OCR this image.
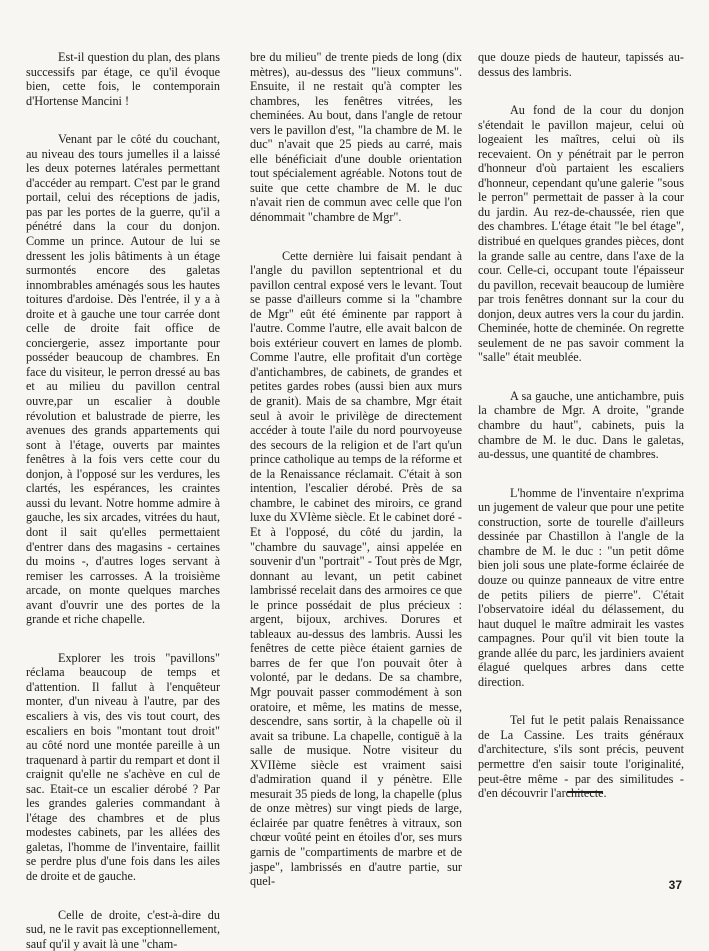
Est-il question du plan, des plans successifs par étage, ce qu'il évoque bien, cette fois, le contemporain d'Hortense Mancini !

Venant par le côté du couchant, au niveau des tours jumelles il a laissé les deux poternes latérales permettant d'accéder au rempart. C'est par le grand portail, celui des réceptions de jadis, pas par les portes de la guerre, qu'il a pénétré dans la cour du donjon. Comme un prince. Autour de lui se dressent les jolis bâtiments à un étage surmontés encore des galetas innombrables aménagés sous les hautes toitures d'ardoise. Dès l'entrée, il y a à droite et à gauche une tour carrée dont celle de droite fait office de conciergerie, assez importante pour posséder beaucoup de chambres. En face du visiteur, le perron dressé au bas et au milieu du pavillon central ouvre,par un escalier à double révolution et balustrade de pierre, les avenues des grands appartements qui sont à l'étage, ouverts par maintes fenêtres à la fois vers cette cour du donjon, à l'opposé sur les verdures, les clartés, les espérances, les craintes aussi du levant. Notre homme admire à gauche, les six arcades, vitrées du haut, dont il sait qu'elles permettaient d'entrer dans des magasins - certaines du moins -, d'autres loges servant à remiser les carrosses. A la troisième arcade, on monte quelques marches avant d'ouvrir une des portes de la grande et riche chapelle.

Explorer les trois "pavillons" réclama beaucoup de temps et d'attention. Il fallut à l'enquêteur monter, d'un niveau à l'autre, par des escaliers à vis, des vis tout court, des escaliers en bois "montant tout droit" au côté nord une montée pareille à un traquenard à partir du rempart et dont il craignit qu'elle ne s'achève en cul de sac. Etait-ce un escalier dérobé ? Par les grandes galeries commandant à l'étage des chambres et de plus modestes cabinets, par les allées des galetas, l'homme de l'inventaire, faillit se perdre plus d'une fois dans les ailes de droite et de gauche.

Celle de droite, c'est-à-dire du sud, ne le ravit pas exceptionnellement, sauf qu'il y avait là une "cham-

bre du milieu" de trente pieds de long (dix mètres), au-dessus des "lieux communs". Ensuite, il ne restait qu'à compter les chambres, les fenêtres vitrées, les cheminées. Au bout, dans l'angle de retour vers le pavillon d'est, "la chambre de M. le duc" n'avait que 25 pieds au carré, mais elle bénéficiait d'une double orientation tout spécialement agréable. Notons tout de suite que cette chambre de M. le duc n'avait rien de commun avec celle que l'on dénommait "chambre de Mgr".

Cette dernière lui faisait pendant à l'angle du pavillon septentrional et du pavillon central exposé vers le levant. Tout se passe d'ailleurs comme si la "chambre de Mgr" eût été éminente par rapport à l'autre. Comme l'autre, elle avait balcon de bois extérieur couvert en lames de plomb. Comme l'autre, elle profitait d'un cortège d'antichambres, de cabinets, de grandes et petites gardes robes (aussi bien aux murs de granit). Mais de sa chambre, Mgr était seul à avoir le privilège de directement accéder à toute l'aile du nord pourvoyeuse des secours de la religion et de l'art qu'un prince catholique au temps de la réforme et de la Renaissance réclamait. C'était à son intention, l'escalier dérobé. Près de sa chambre, le cabinet des miroirs, ce grand luxe du XVIème siècle. Et le cabinet doré - Et à l'opposé, du côté du jardin, la "chambre du sauvage", ainsi appelée en souvenir d'un "portrait" - Tout près de Mgr, donnant au levant, un petit cabinet lambrissé recelait dans des armoires ce que le prince possédait de plus précieux : argent, bijoux, archives. Dorures et tableaux au-dessus des lambris. Aussi les fenêtres de cette pièce étaient garnies de barres de fer que l'on pouvait ôter à volonté, par le dedans. De sa chambre, Mgr pouvait passer commodément à son oratoire, et même, les matins de messe, descendre, sans sortir, à la chapelle où il avait sa tribune. La chapelle, contiguë à la salle de musique. Notre visiteur du XVIIème siècle est vraiment saisi d'admiration quand il y pénètre. Elle mesurait 35 pieds de long, la chapelle (plus de onze mètres) sur vingt pieds de large, éclairée par quatre fenêtres à vitraux, son chœur voûté peint en étoiles d'or, ses murs garnis de "compartiments de marbre et de jaspe", lambrissés en d'autre partie, sur quel-

que douze pieds de hauteur, tapissés au-dessus des lambris.

Au fond de la cour du donjon s'étendait le pavillon majeur, celui où logeaient les maîtres, celui où ils recevaient. On y pénétrait par le perron d'honneur d'où partaient les escaliers d'honneur, cependant qu'une galerie "sous le perron" permettait de passer à la cour du jardin. Au rez-de-chaussée, rien que des chambres. L'étage était "le bel étage", distribué en quelques grandes pièces, dont la grande salle au centre, dans l'axe de la cour. Celle-ci, occupant toute l'épaisseur du pavillon, recevait beaucoup de lumière par trois fenêtres donnant sur la cour du donjon, deux autres vers la cour du jardin. Cheminée, hotte de cheminée. On regrette seulement de ne pas savoir comment la "salle" était meublée.

A sa gauche, une antichambre, puis la chambre de Mgr. A droite, "grande chambre du haut", cabinets, puis la chambre de M. le duc. Dans le galetas, au-dessus, une quantité de chambres.

L'homme de l'inventaire n'exprima un jugement de valeur que pour une petite construction, sorte de tourelle d'ailleurs dessinée par Chastillon à l'angle de la chambre de M. le duc : "un petit dôme bien joli sous une plate-forme éclairée de douze ou quinze panneaux de vitre entre de petits piliers de pierre". C'était l'observatoire idéal du délassement, du haut duquel le maître admirait les vastes campagnes. Pour qu'il vit bien toute la grande allée du parc, les jardiniers avaient élagué quelques arbres dans cette direction.

Tel fut le petit palais Renaissance de La Cassine. Les traits généraux d'architecture, s'ils sont précis, peuvent permettre d'en saisir toute l'originalité, peut-être même - par des similitudes - d'en découvrir l'architecte.

37
